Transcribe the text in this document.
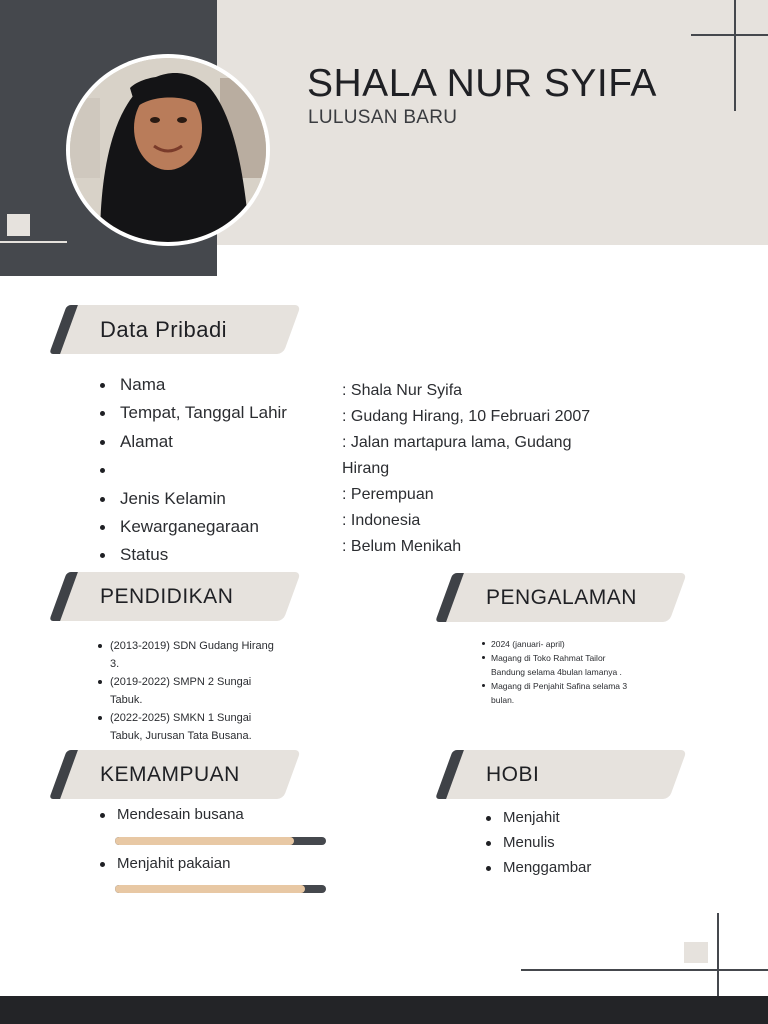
SHALA NUR SYIFA
LULUSAN BARU
Data Pribadi
Nama
Tempat, Tanggal Lahir
Alamat
Jenis Kelamin
Kewarganegaraan
Status
: Shala Nur Syifa
: Gudang Hirang, 10 Februari 2007
: Jalan martapura lama, Gudang
Hirang
: Perempuan
: Indonesia
: Belum Menikah
PENDIDIKAN
(2013-2019) SDN Gudang Hirang 3.
(2019-2022) SMPN 2 Sungai Tabuk.
(2022-2025) SMKN 1 Sungai Tabuk, Jurusan Tata Busana.
PENGALAMAN
2024 (januari- april)
Magang di Toko Rahmat Tailor Bandung selama 4bulan lamanya .
Magang di Penjahit Safina selama 3 bulan.
KEMAMPUAN
Mendesain busana
Menjahit pakaian
HOBI
Menjahit
Menulis
Menggambar
